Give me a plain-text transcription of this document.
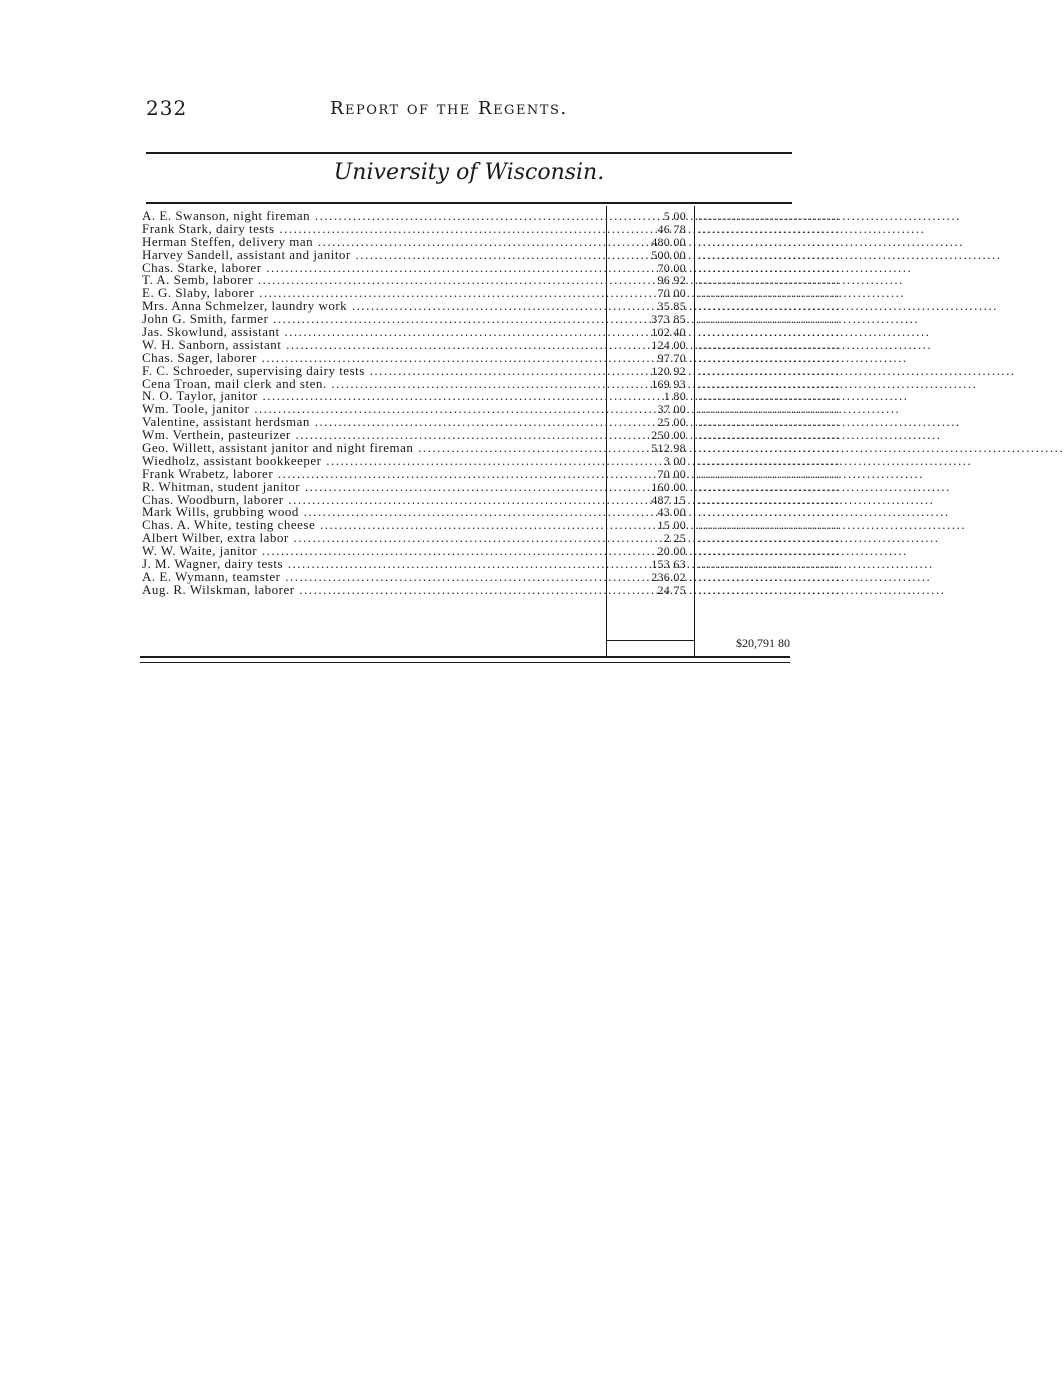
232	Report of the Regents.
University of Wisconsin.
A. E. Swanson, night fireman .....	5 00 ..............................
Frank Stark, dairy tests .....	46 78 ..............................
Herman Steffen, delivery man .....	480 00 ..............................
Harvey Sandell, assistant and janitor .....	500 00 ..............................
Chas. Starke, laborer .....	70 00 ..............................
T. A. Semb, laborer .....	96 92 ..............................
E. G. Slaby, laborer .....	70 00 ..............................
Mrs. Anna Schmelzer, laundry work .....	35 85 ..............................
John G. Smith, farmer .....	373 85 ..............................
Jas. Skowlund, assistant .....	102 40 ..............................
W. H. Sanborn, assistant .....	124 00 ..............................
Chas. Sager, laborer .....	97 70 ..............................
F. C. Schroeder, supervising dairy tests .....	120 92 ..............................
Cena Troan, mail clerk and sten. .....	169 93 ..............................
N. O. Taylor, janitor .....	1 80 ..............................
Wm. Toole, janitor .....	37 00 ..............................
Valentine, assistant herdsman .....	25 00 ..............................
Wm. Verthein, pasteurizer .....	250 00 ..............................
Geo. Willett, assistant janitor and night fireman .....	512 98 ..............................
Wiedholz, assistant bookkeeper .....	3 00 ..............................
Frank Wrabetz, laborer .....	70 00 ..............................
R. Whitman, student janitor .....	160 00 ..............................
Chas. Woodburn, laborer .....	487 15 ..............................
Mark Wills, grubbing wood .....	43 00 ..............................
Chas. A. White, testing cheese .....	15 00 ..............................
Albert Wilber, extra labor .....	2 25 ..............................
W. W. Waite, janitor .....	20 00 ..............................
J. M. Wagner, dairy tests .....	153 63 ..............................
A. E. Wymann, teamster .....	236 02 ..............................
Aug. R. Wilskman, laborer .....	24 75 ..............................
$20,791 80
